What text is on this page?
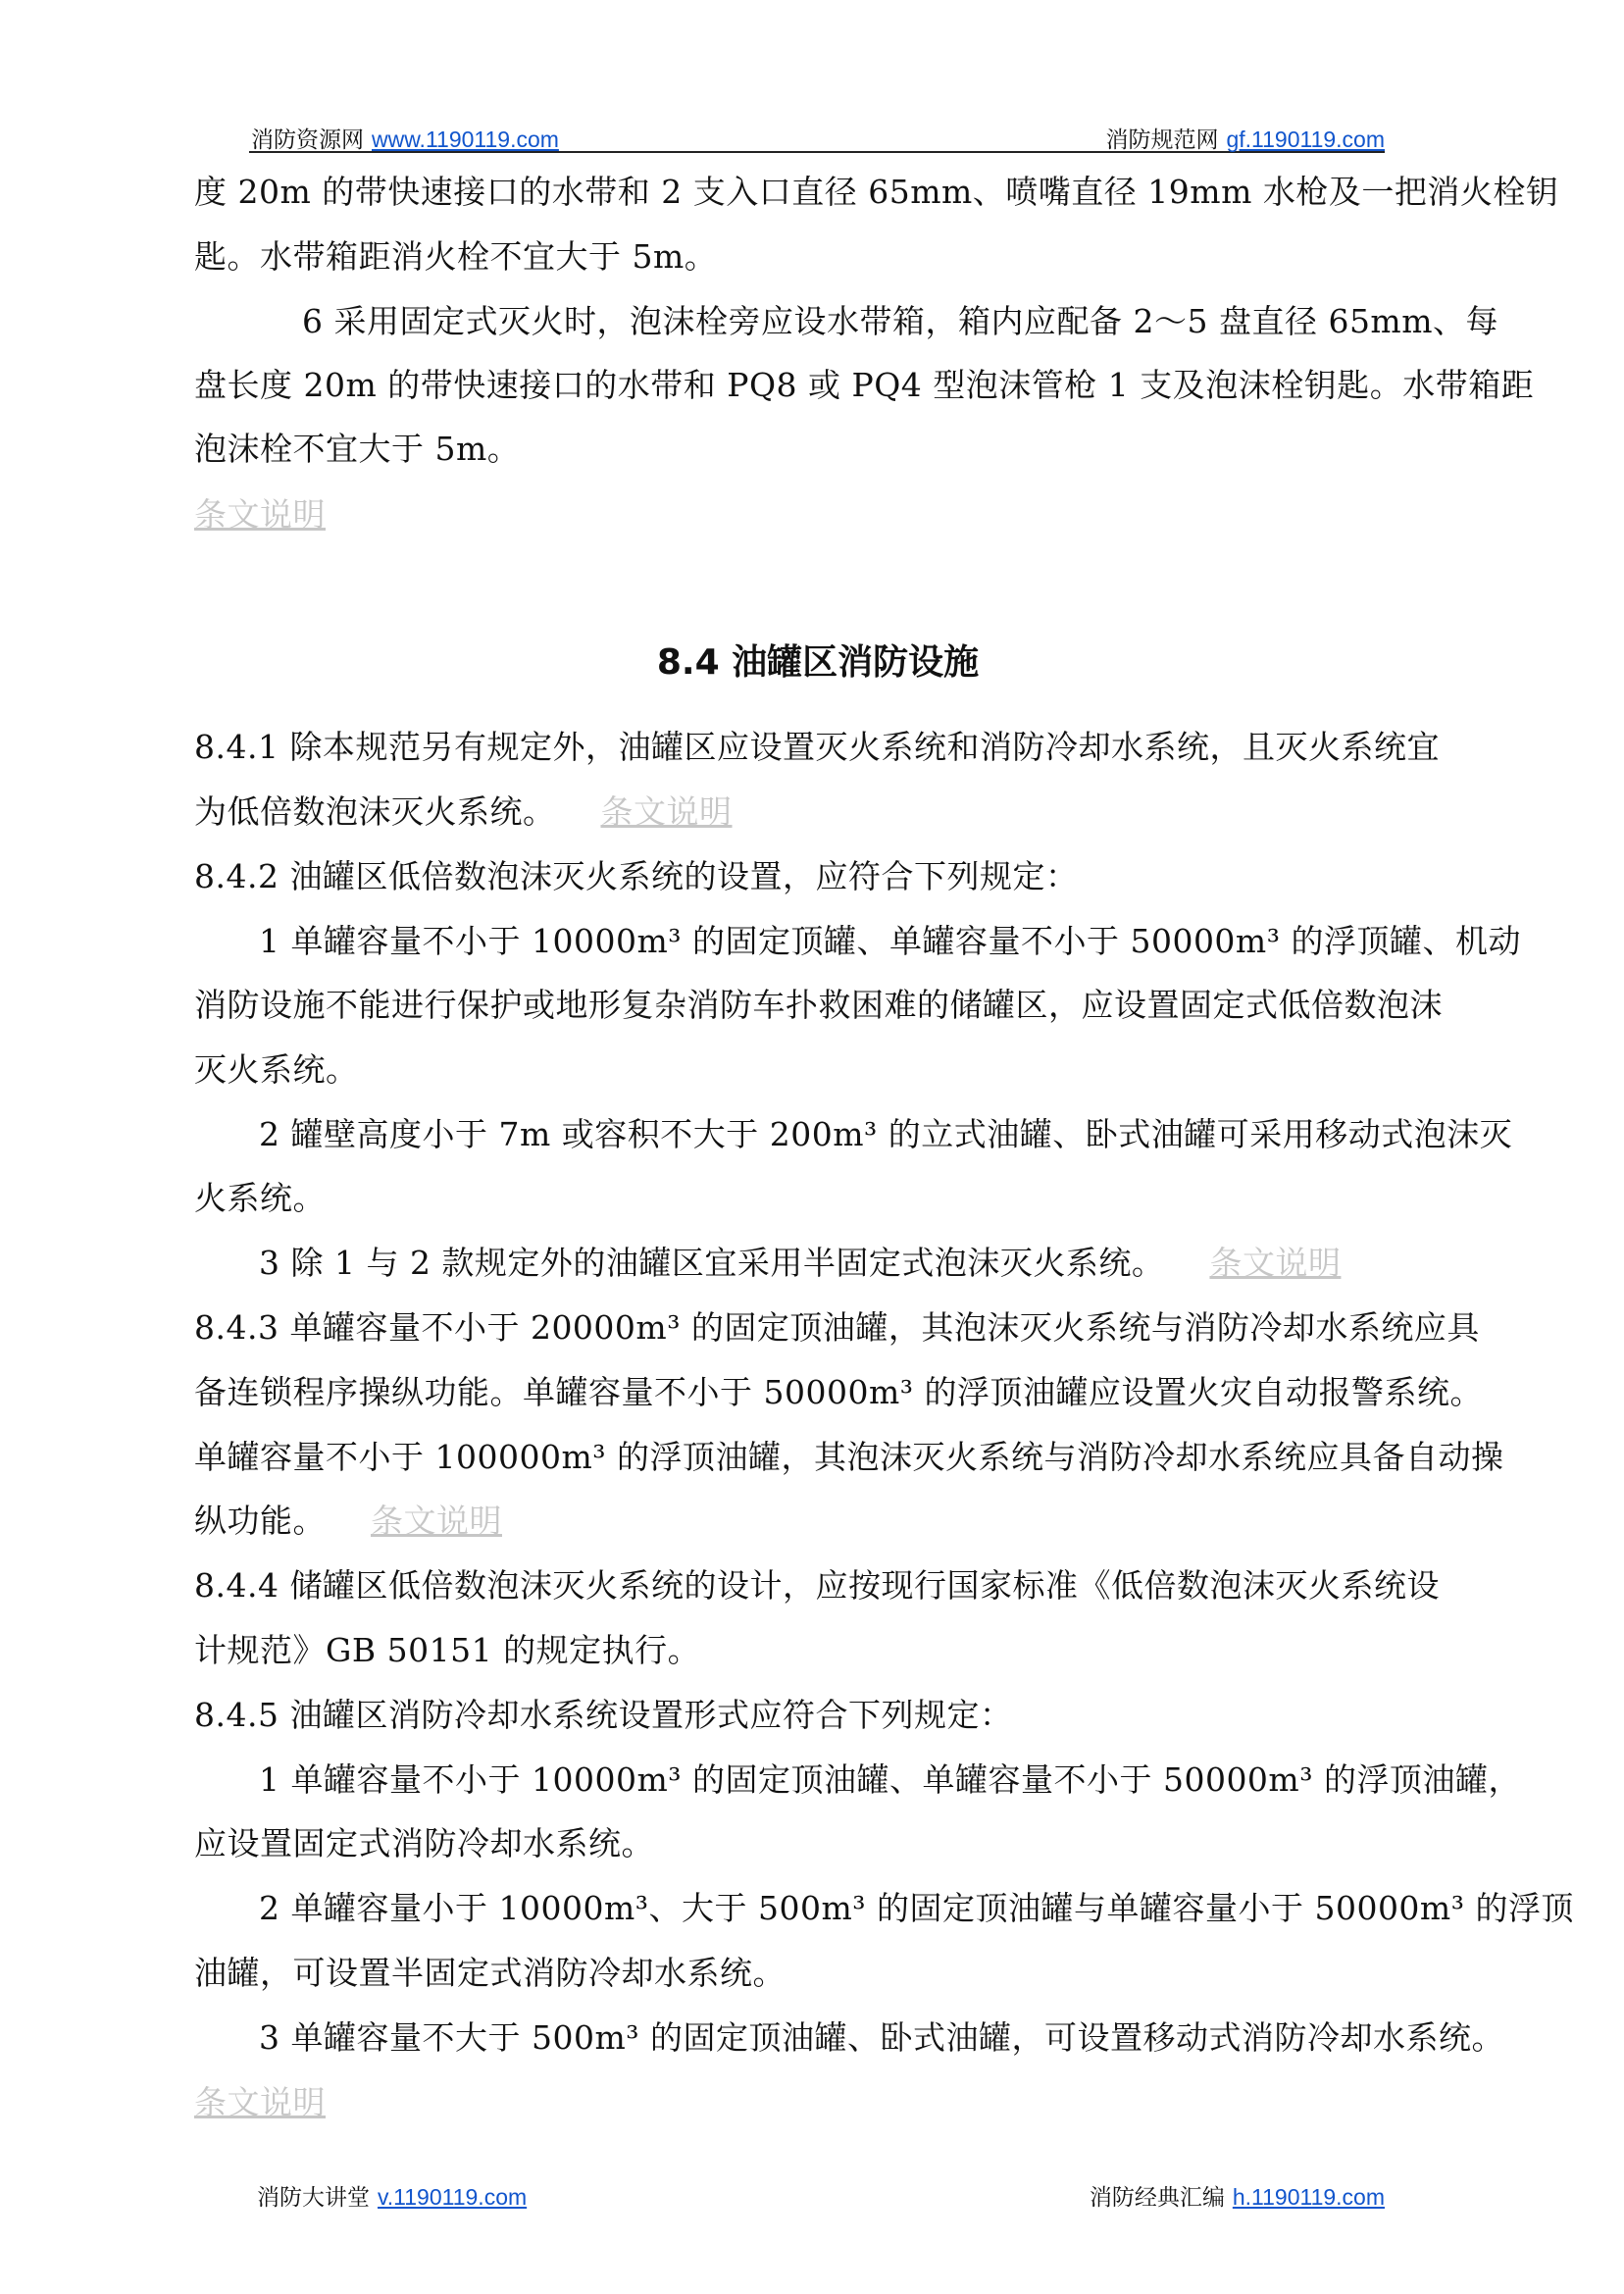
消防资源网 www.1190119.com	消防规范网 gf.1190119.com
度 20m 的带快速接口的水带和 2 支入口直径 65mm、喷嘴直径 19mm 水枪及一把消火栓钥
匙。水带箱距消火栓不宜大于 5m。
6 采用固定式灭火时，泡沫栓旁应设水带箱，箱内应配备 2～5 盘直径 65mm、每
盘长度 20m 的带快速接口的水带和 PQ8 或 PQ4 型泡沫管枪 1 支及泡沫栓钥匙。水带箱距
泡沫栓不宜大于 5m。
条文说明
8.4 油罐区消防设施
8.4.1 除本规范另有规定外，油罐区应设置灭火系统和消防冷却水系统，且灭火系统宜
为低倍数泡沫灭火系统。 条文说明
8.4.2 油罐区低倍数泡沫灭火系统的设置，应符合下列规定：
1 单罐容量不小于 10000m³ 的固定顶罐、单罐容量不小于 50000m³ 的浮顶罐、机动
消防设施不能进行保护或地形复杂消防车扑救困难的储罐区，应设置固定式低倍数泡沫
灭火系统。
2 罐壁高度小于 7m 或容积不大于 200m³ 的立式油罐、卧式油罐可采用移动式泡沫灭
火系统。
3 除 1 与 2 款规定外的油罐区宜采用半固定式泡沫灭火系统。 条文说明
8.4.3 单罐容量不小于 20000m³ 的固定顶油罐，其泡沫灭火系统与消防冷却水系统应具
备连锁程序操纵功能。单罐容量不小于 50000m³ 的浮顶油罐应设置火灾自动报警系统。
单罐容量不小于 100000m³ 的浮顶油罐，其泡沫灭火系统与消防冷却水系统应具备自动操
纵功能。 条文说明
8.4.4 储罐区低倍数泡沫灭火系统的设计，应按现行国家标准《低倍数泡沫灭火系统设
计规范》GB 50151 的规定执行。
8.4.5 油罐区消防冷却水系统设置形式应符合下列规定：
1 单罐容量不小于 10000m³ 的固定顶油罐、单罐容量不小于 50000m³ 的浮顶油罐，
应设置固定式消防冷却水系统。
2 单罐容量小于 10000m³、大于 500m³ 的固定顶油罐与单罐容量小于 50000m³ 的浮顶
油罐，可设置半固定式消防冷却水系统。
3 单罐容量不大于 500m³ 的固定顶油罐、卧式油罐，可设置移动式消防冷却水系统。
条文说明
消防大讲堂 v.1190119.com	消防经典汇编 h.1190119.com
